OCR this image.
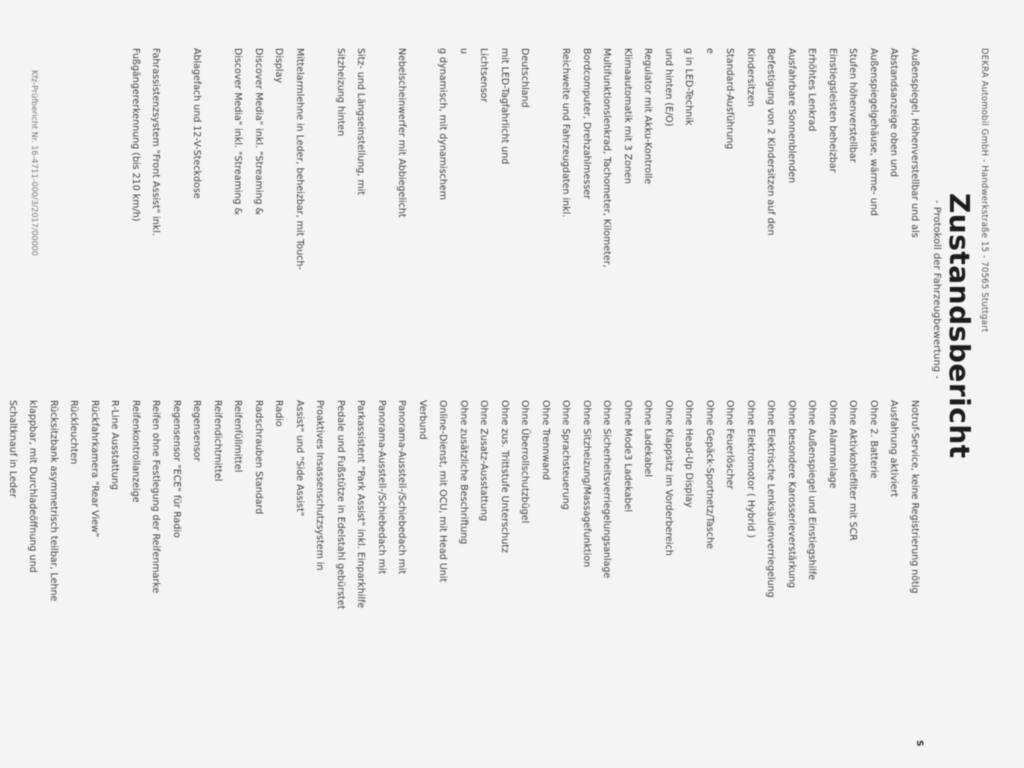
DEKRA Automobil GmbH - Handwerkstraße 15 - 70565 Stuttgart
Zustandsbericht
- Protokoll der Fahrzeugbewertung -
Außenspiegel, Höhenverstellbar und als
Abstandsanzeige oben und
Außenspiegelgehäuse, wärme- und
Stufen höhenverstellbar
Einstiegsleisten beheizbar
Erhöhtes Lenkrad
Ausfahrbare Sonnenblenden
Befestigung von 2 Kindersitzen auf den
Kindersitzen
Standard-Ausführung
e
g in LED-Technik
und hinten (E/O)
Regulator mit Akku-Kontrolle
Klimaautomatik mit 3 Zonen
Multifunktionslenkrad, Tachometer, Kilometer,
Bordcomputer, Drehzahlmesser
Reichweite und Fahrzeugdaten inkl.

Deutschland
mit LED-Tagfahrlicht und
Lichtsensor
u
g dynamisch, mit dynamischem

Nebelscheinwerfer mit Abbiegelicht

Sitz- und Längseinstellung, mit
Sitzheizung hinten

Mittelarmlehne in Leder, beheizbar, mit Touch-
Display
Discover Media" inkl. "Streaming &
Discover Media" inkl. "Streaming &

Ablagefach und 12-V-Steckdose

Fahrassistenzsystem "Front Assist" inkl.
Fußgängererkennung (bis 210 km/h)
Notruf-Service, keine Registrierung nötig
Ausfahrung aktiviert
Ohne 2. Batterie
Ohne Aktivkohlefilter mit SCR
Ohne Alarmanlage
Ohne Außenspiegel und Einstiegshilfe
Ohne besondere Karosserieverstärkung
Ohne Elektrische Lenksäulenverriegelung
Ohne Elektromotor ( Hybrid )
Ohne Feuerlöscher
Ohne Gepäck-Sportnetz/Tasche
Ohne Head-Up Display
Ohne Klappsitz im Vorderbereich
Ohne Ladekabel
Ohne Mode3 Ladekabel
Ohne Sicherheitsverriegelungsanlage
Ohne Sitzheizung/Massagefunktion
Ohne Sprachsteuerung
Ohne Trennwand
Ohne Überrollschutzbügel
Ohne zus. Trittstufe Unterschutz
Ohne Zusatz-Ausstattung
Ohne zusätzliche Beschriftung
Online-Dienst, mit OCU, mit Head Unit
Verbund
Panorama-Ausstell-/Schiebedach mit
Panorama-Ausstell-/Schiebedach mit
Parkassistent "Park Assist" inkl. Einparkhilfe
Pedale und Fußstütze in Edelstahl gebürstet
Proaktives Insassenschutzsystem in
Assist" und "Side Assist"
Radio
Radschrauben Standard
Reifenfüllmittel
Reifendichtmittel
Regensensor
Regensensor "ECE" für Radio
Reifen ohne Festlegung der Reifenmarke
Reifenkontrollanzeige
R-Line Ausstattung
Rückfahrkamera "Rear View"
Rückleuchten
Rücksitzbank asymmetrisch teilbar, Lehne
klappbar, mit Durchladeöffnung und
Schaltknauf in Leder
S
Kfz-Prüfbericht Nr. 16-4711-000/3/2017/00000
